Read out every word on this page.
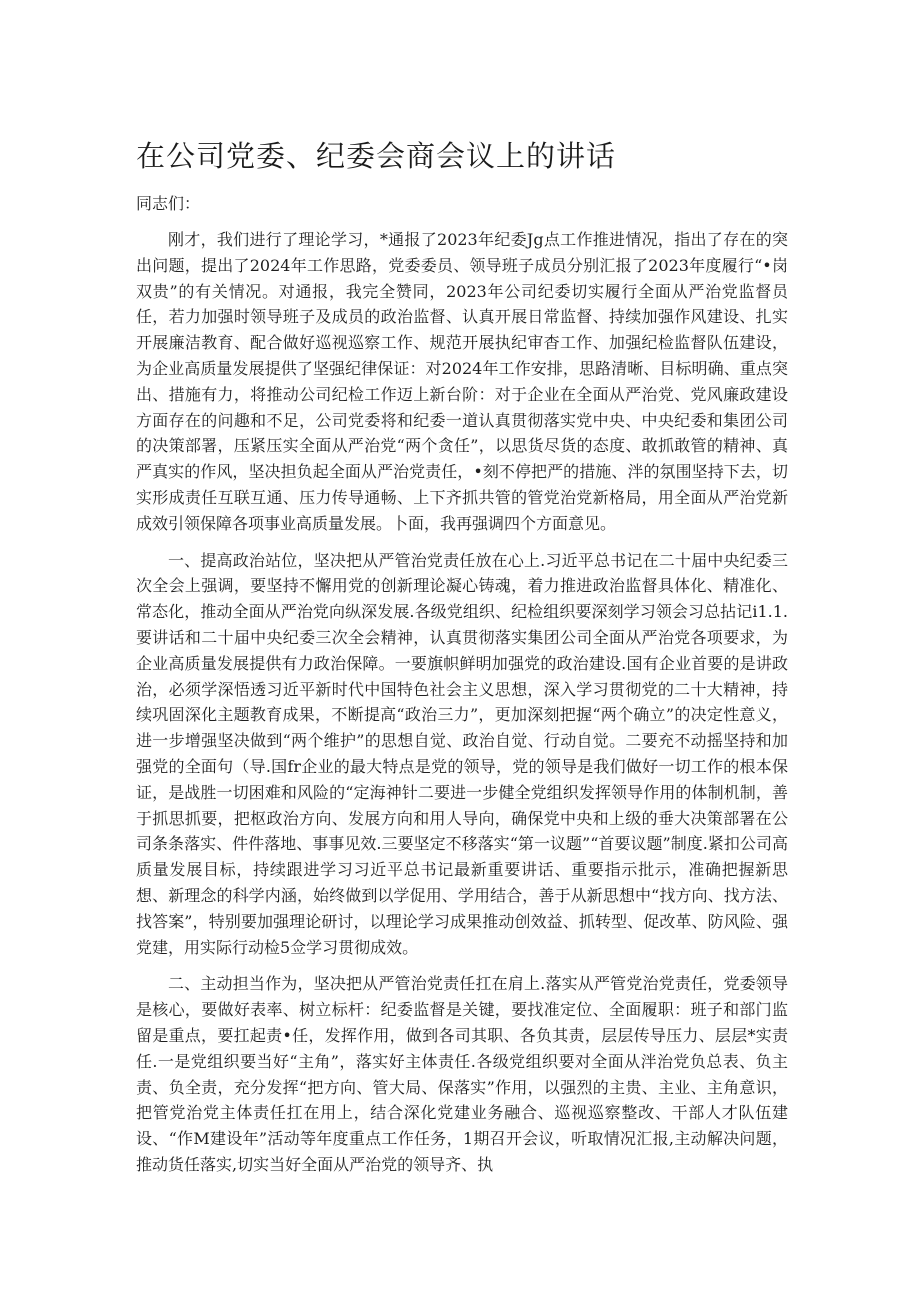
在公司党委、纪委会商会议上的讲话

同志们：

刚才，我们进行了理论学习，*通报了2023年纪委Jg点工作推进情况，指出了存在的突出问题，提出了2024年工作思路，党委委员、领导班子成员分别汇报了2023年度履行“•岗双贵”的有关情况。对通报，我完全赞同，2023年公司纪委切实履行全面从严治党监督员任，若力加强时领导班子及成员的政治监督、认真开展日常监督、持续加强作风建设、扎实开展廉洁教育、配合做好巡视巡察工作、规范开展执纪审杳工作、加强纪检监督队伍建设，为企业高质量发展提供了坚强纪律保证：对2024年工作安排，思路清晰、目标明确、重点突出、措施有力，将推动公司纪检工作迈上新台阶：对于企业在全面从严治党、党风廉政建设方面存在的问趣和不足，公司党委将和纪委一道认真贯彻落实党中央、中央纪委和集团公司的决策部署，压紧压实全面从严治党“两个贪任”，以思货尽货的态度、敢抓敢管的精神、真严真实的作风，坚决担负起全面从严治党责任，•刻不停把严的措施、泮的氛围坚持下去，切实形成责任互联互通、压力传导通畅、上下齐抓共管的管党治党新格局，用全面从严治党新成效引领保障各项事业高质量发展。卜面，我再强调四个方面意见。

一、提高政治站位，坚决把从严管治党责任放在心上.习近平总书记在二十届中央纪委三次全会上强调，要坚持不懈用党的创新理论凝心铸魂，着力推进政治监督具体化、精准化、常态化，推动全面从严治党向纵深发展.各级党组织、纪检组织要深刻学习领会习总拈记i1.1.要讲话和二十届中央纪委三次全会精神，认真贯彻落实集团公司全面从严治党各项要求，为企业高质量发展提供有力政治保障。一要旗帜鲜明加强党的政治建设.国有企业首要的是讲政治，必须学深悟透习近平新时代中国特色社会主义思想，深入学习贯彻党的二十大精神，持续巩固深化主题教育成果，不断提高“政治三力”，更加深刻把握“两个确立”的决定性意义，进一步增强坚决做到“两个维护”的思想自觉、政治自觉、行动自觉。二要充不动摇坚持和加强党的全面句（导.国fr企业的最大特点是党的领导，党的领导是我们做好一切工作的根本保证，是战胜一切困难和风险的“定海神针二要进一步健全党组织发挥领导作用的体制机制，善于抓思抓要，把枢政治方向、发展方向和用人导向，确保党中央和上级的垂大决策部署在公司条条落实、件件落地、事事见效.三要坚定不移落实“第一议题”“首要议题”制度.紧扣公司高质量发展目标，持续跟进学习习近平总书记最新重要讲话、重要指示批示，准确把握新思想、新理念的科学内涵，始终做到以学促用、学用结合，善于从新思想中“找方向、找方法、找答案”，特别要加强理论研讨，以理论学习成果推动创效益、抓转型、促改革、防风险、强党建，用实际行动检5佥学习贯彻成效。

二、主动担当作为，坚决把从严管治党责任扛在肩上.落实从严管党治党责任，党委领导是核心，要做好表率、树立标杆：纪委监督是关键，要找准定位、全面履职：班子和部门监留是重点，要扛起责•任，发挥作用，做到各司其职、各负其责，层层传导压力、层层*实责任.一是党组织要当好“主角”，落实好主体责任.各级党组织要对全面从泮治党负总表、负主责、负全责，充分发挥“把方向、管大局、保落实”作用，以强烈的主贵、主业、主角意识，把管党治党主体责任扛在用上，结合深化党建业务融合、巡视巡察整改、干部人才队伍建设、“作M建设年”活动等年度重点工作任务，1期召开会议，听取情况汇报,主动解决问题，推动货任落实,切实当好全面从严治党的领导齐、执
